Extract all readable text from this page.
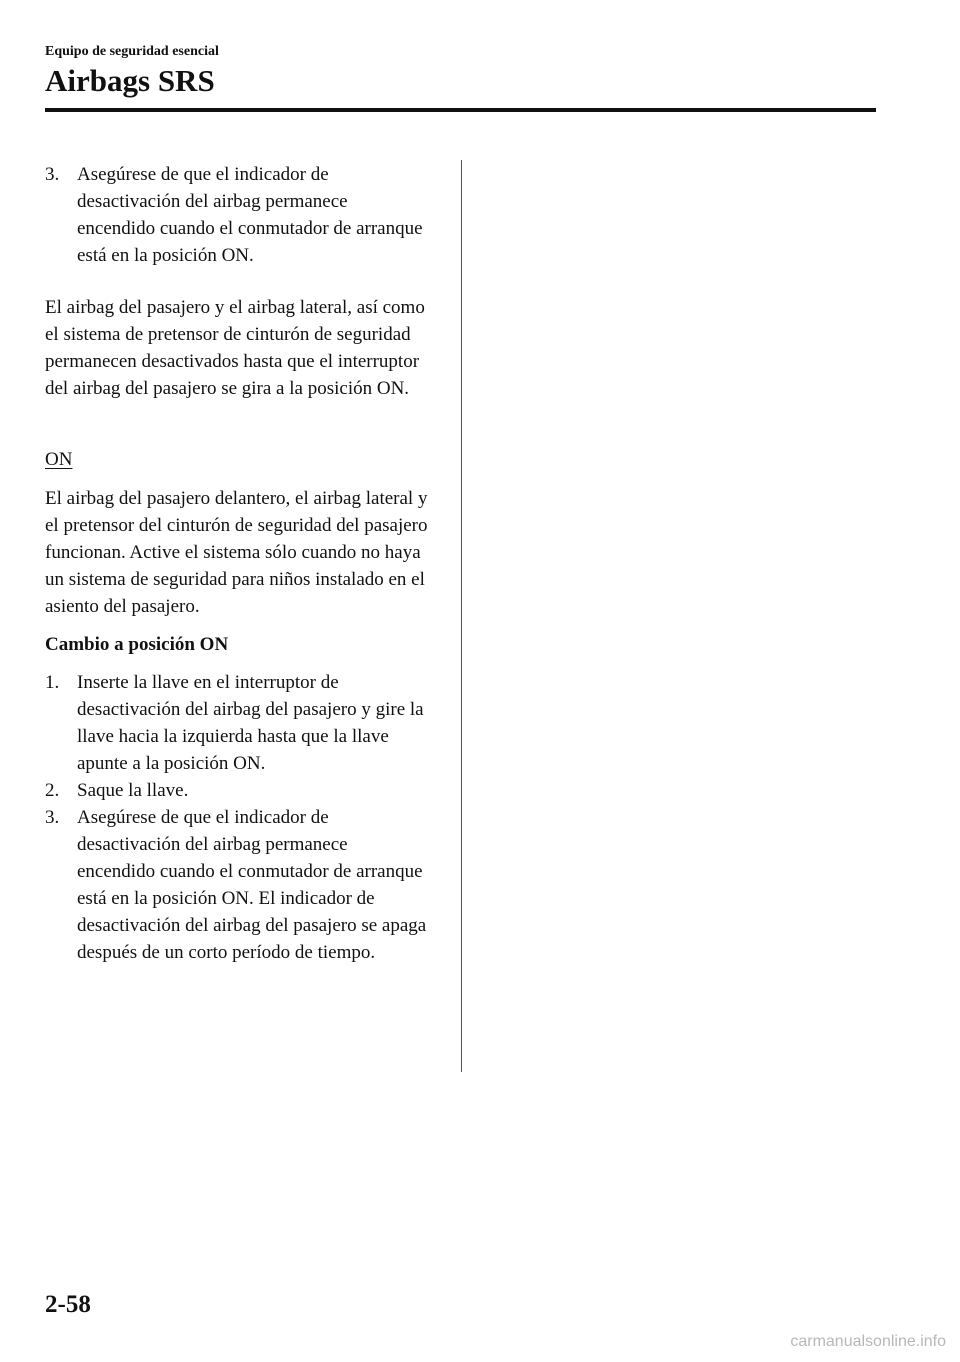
Equipo de seguridad esencial
Airbags SRS
3. Asegúrese de que el indicador de desactivación del airbag permanece encendido cuando el conmutador de arranque está en la posición ON.

El airbag del pasajero y el airbag lateral, así como el sistema de pretensor de cinturón de seguridad permanecen desactivados hasta que el interruptor del airbag del pasajero se gira a la posición ON.

ON

El airbag del pasajero delantero, el airbag lateral y el pretensor del cinturón de seguridad del pasajero funcionan. Active el sistema sólo cuando no haya un sistema de seguridad para niños instalado en el asiento del pasajero.

Cambio a posición ON

1. Inserte la llave en el interruptor de desactivación del airbag del pasajero y gire la llave hacia la izquierda hasta que la llave apunte a la posición ON.
2. Saque la llave.
3. Asegúrese de que el indicador de desactivación del airbag permanece encendido cuando el conmutador de arranque está en la posición ON. El indicador de desactivación del airbag del pasajero se apaga después de un corto período de tiempo.
2-58
carmanualsonline.info
